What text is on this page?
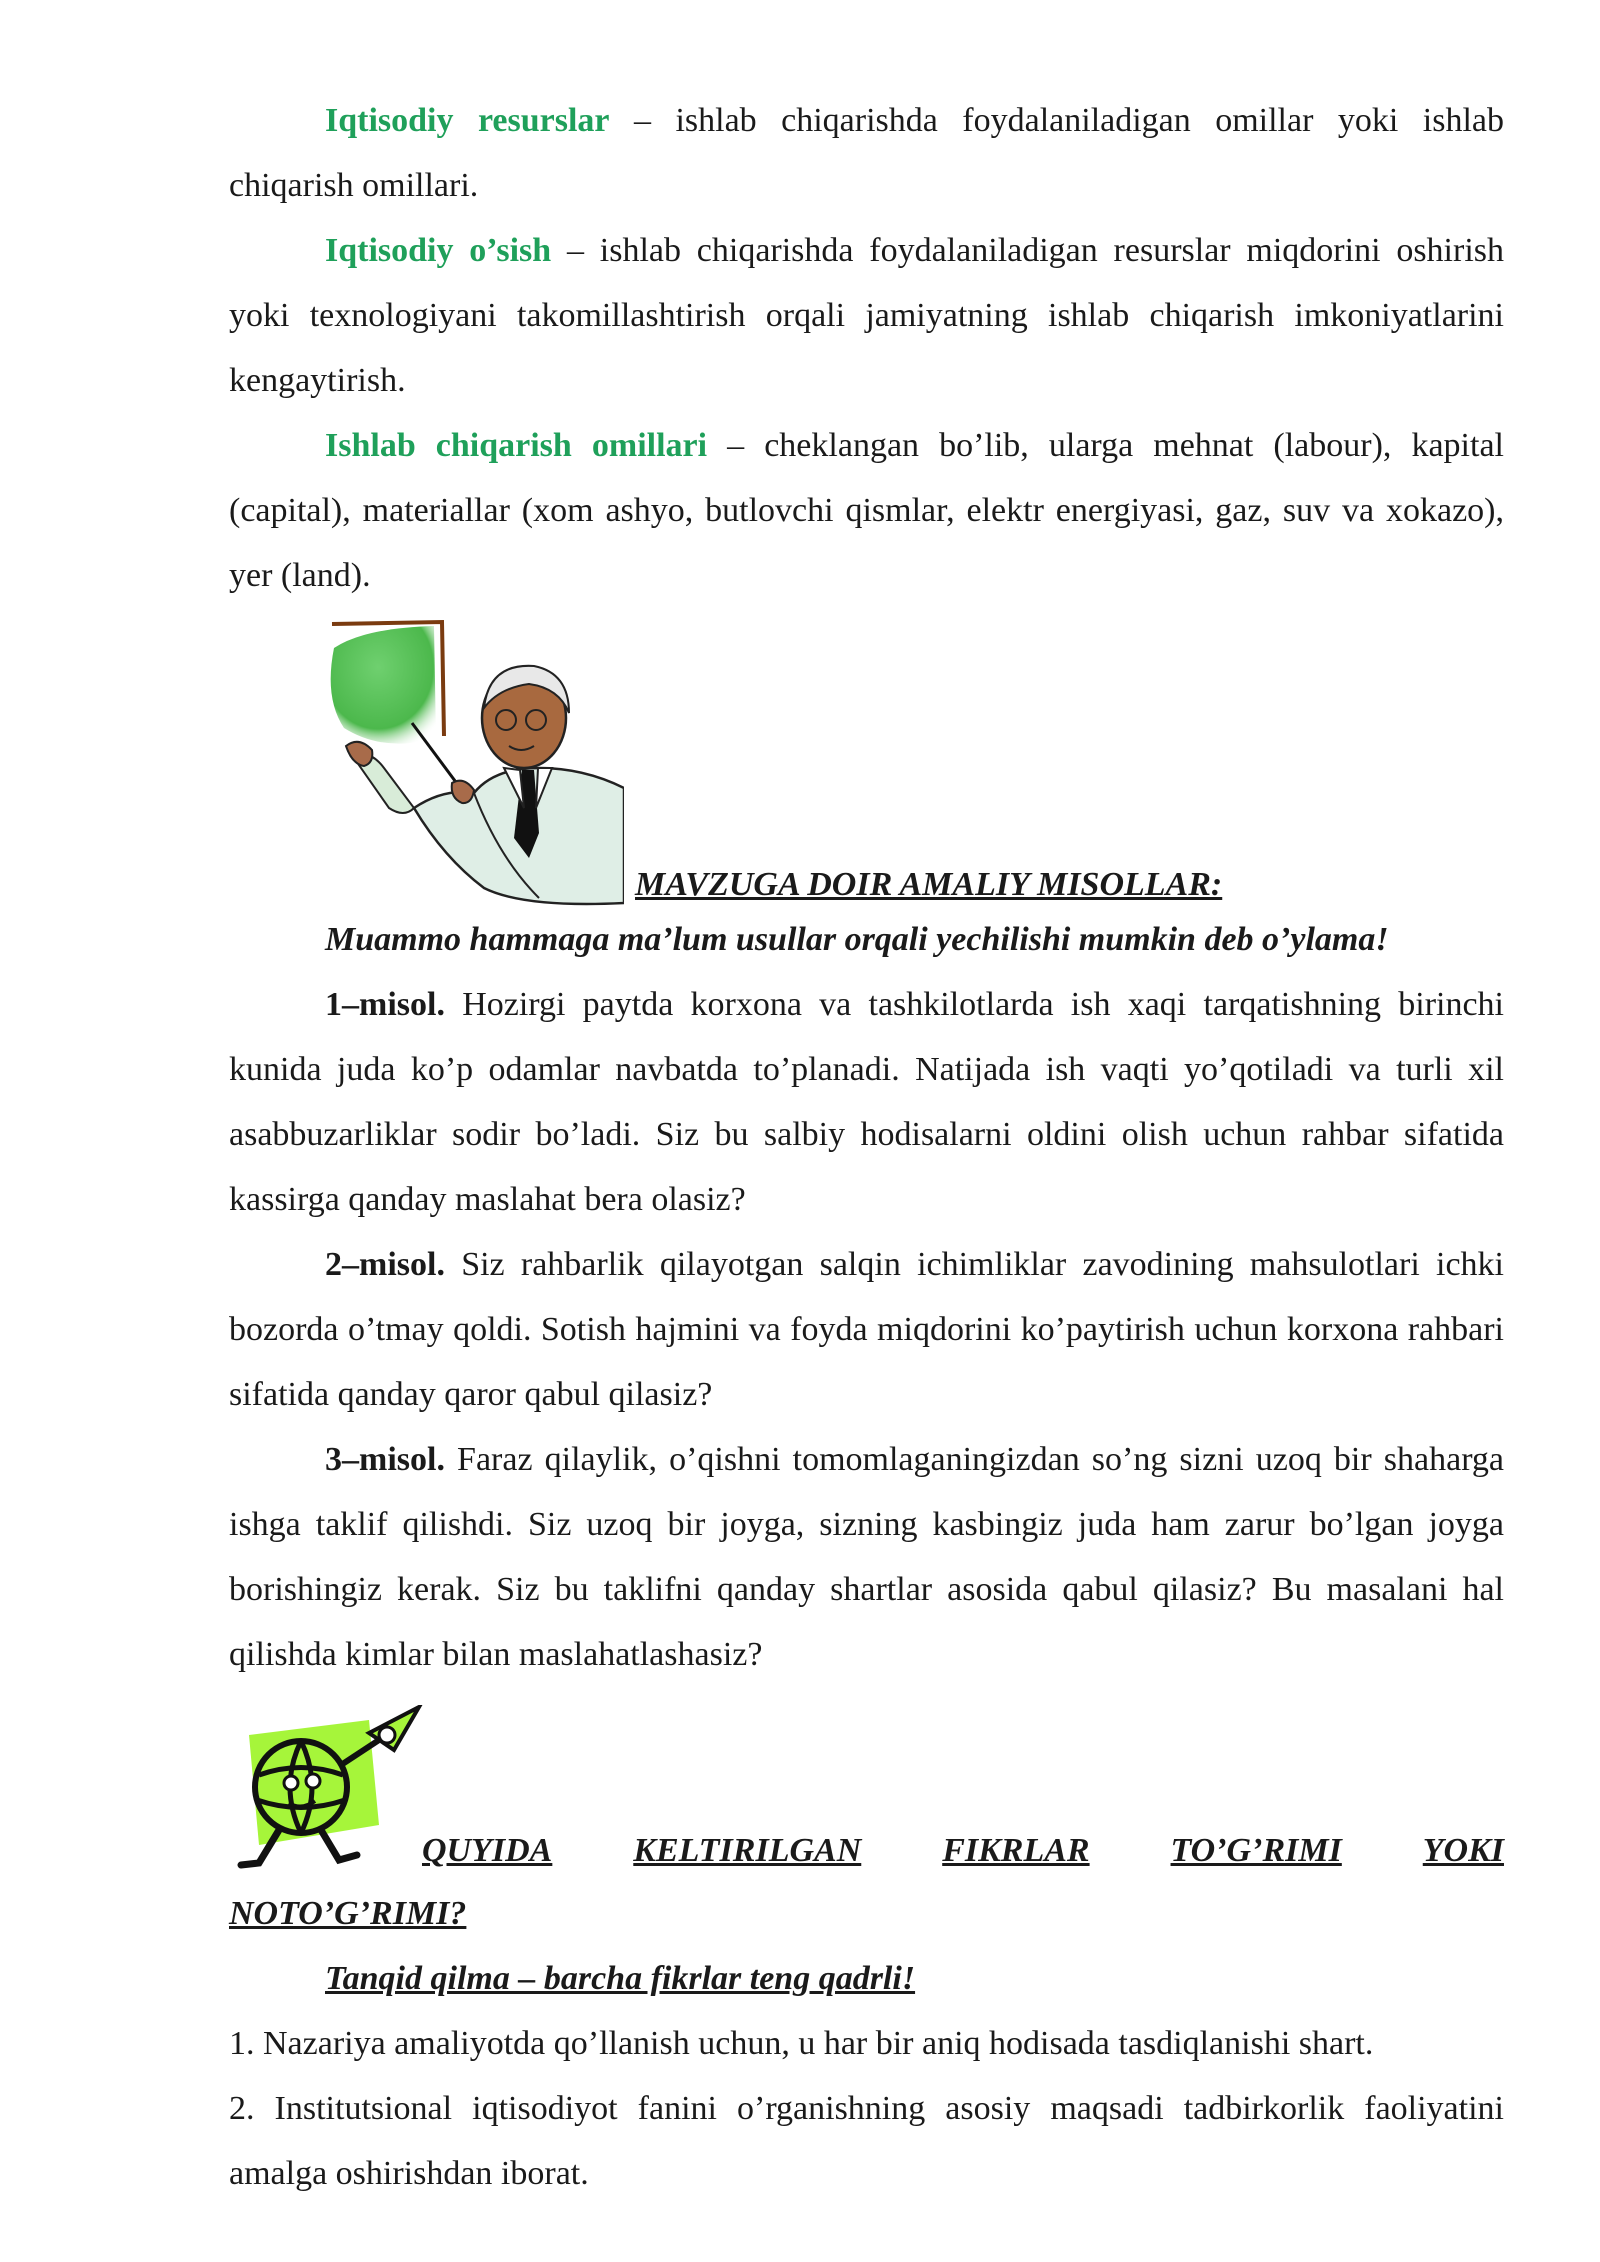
Iqtisodiy resurslar – ishlab chiqarishda foydalaniladigan omillar yoki ishlab chiqarish omillari.

Iqtisodiy o’sish – ishlab chiqarishda foydalaniladigan resurslar miqdorini oshirish yoki texnologiyani takomillashtirish orqali jamiyatning ishlab chiqarish imkoniyatlarini kengaytirish.

Ishlab chiqarish omillari – cheklangan bo’lib, ularga mehnat (labour), kapital (capital), materiallar (xom ashyo, butlovchi qismlar, elektr energiyasi, gaz, suv va xokazo), yer (land).

MAVZUGA DOIR AMALIY MISOLLAR:

Muammo hammaga ma’lum usullar orqali yechilishi mumkin deb o’ylama!

1–misol. Hozirgi paytda korxona va tashkilotlarda ish xaqi tarqatishning birinchi kunida juda ko’p odamlar navbatda to’planadi. Natijada ish vaqti yo’qotiladi va turli xil asabbuzarliklar sodir bo’ladi. Siz bu salbiy hodisalarni oldini olish uchun rahbar sifatida kassirga qanday maslahat bera olasiz?

2–misol. Siz rahbarlik qilayotgan salqin ichimliklar zavodining mahsulotlari ichki bozorda o’tmay qoldi. Sotish hajmini va foyda miqdorini ko’paytirish uchun korxona rahbari sifatida qanday qaror qabul qilasiz?

3–misol. Faraz qilaylik, o’qishni tomomlaganingizdan so’ng sizni uzoq bir shaharga ishga taklif qilishdi. Siz uzoq bir joyga, sizning kasbingiz juda ham zarur bo’lgan joyga borishingiz kerak. Siz bu taklifni qanday shartlar asosida qabul qilasiz? Bu masalani hal qilishda kimlar bilan maslahatlashasiz?

QUYIDA KELTIRILGAN FIKRLAR TO’G’RIMI YOKI

NOTO’G’RIMI?

Tanqid qilma – barcha fikrlar teng qadrli!

1. Nazariya amaliyotda qo’llanish uchun, u har bir aniq hodisada tasdiqlanishi shart.

2. Institutsional iqtisodiyot fanini o’rganishning asosiy maqsadi tadbirkorlik faoliyatini amalga oshirishdan iborat.
